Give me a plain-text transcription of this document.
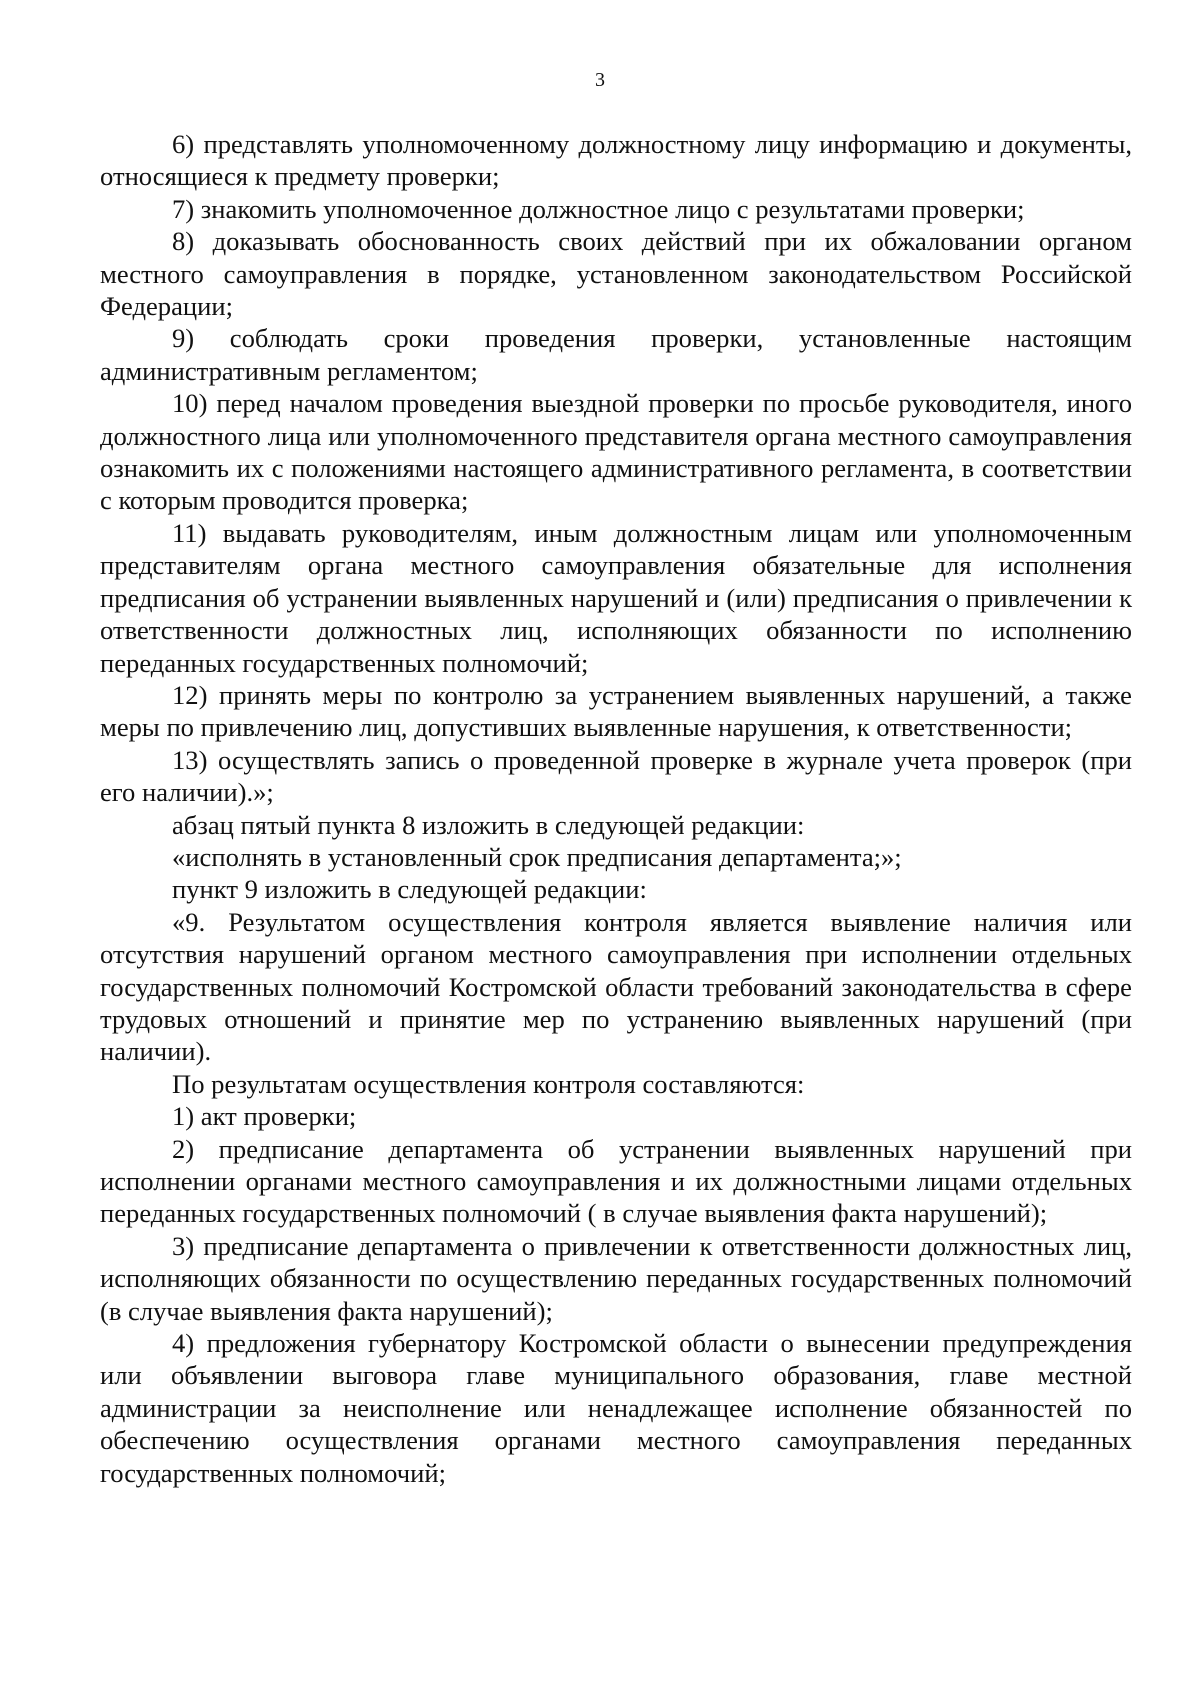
3

6) представлять уполномоченному должностному лицу информацию и документы, относящиеся к предмету проверки;

7) знакомить уполномоченное должностное лицо с результатами проверки;

8) доказывать обоснованность своих действий при их обжаловании органом местного самоуправления в порядке, установленном законодательством Российской Федерации;

9) соблюдать сроки проведения проверки, установленные настоящим административным регламентом;

10) перед началом проведения выездной проверки по просьбе руководителя, иного должностного лица или уполномоченного представителя органа местного самоуправления ознакомить их с положениями настоящего административного регламента, в соответствии с которым проводится проверка;

11) выдавать руководителям, иным должностным лицам или уполномоченным представителям органа местного самоуправления обязательные для исполнения предписания об устранении выявленных нарушений и (или) предписания о привлечении к ответственности должностных лиц, исполняющих обязанности по исполнению переданных государственных полномочий;

12) принять меры по контролю за устранением выявленных нарушений, а также меры по привлечению лиц, допустивших выявленные нарушения, к ответственности;

13) осуществлять запись о проведенной проверке в журнале учета проверок (при его наличии).»;

абзац пятый пункта 8 изложить в следующей редакции:

«исполнять в установленный срок предписания департамента;»;

пункт 9 изложить в следующей редакции:

«9. Результатом осуществления контроля является выявление наличия или отсутствия нарушений органом местного самоуправления при исполнении отдельных государственных полномочий Костромской области требований законодательства в сфере трудовых отношений и принятие мер по устранению выявленных нарушений (при наличии).

По результатам осуществления контроля составляются:

1) акт проверки;

2) предписание департамента об устранении выявленных нарушений при исполнении органами местного самоуправления и их должностными лицами отдельных переданных государственных полномочий ( в случае выявления факта нарушений);

3) предписание департамента о привлечении к ответственности должностных лиц, исполняющих обязанности по осуществлению переданных государственных полномочий (в случае выявления факта нарушений);

4) предложения губернатору Костромской области о вынесении предупреждения или объявлении выговора главе муниципального образования, главе местной администрации за неисполнение или ненадлежащее исполнение обязанностей по обеспечению осуществления органами местного самоуправления переданных государственных полномочий;
